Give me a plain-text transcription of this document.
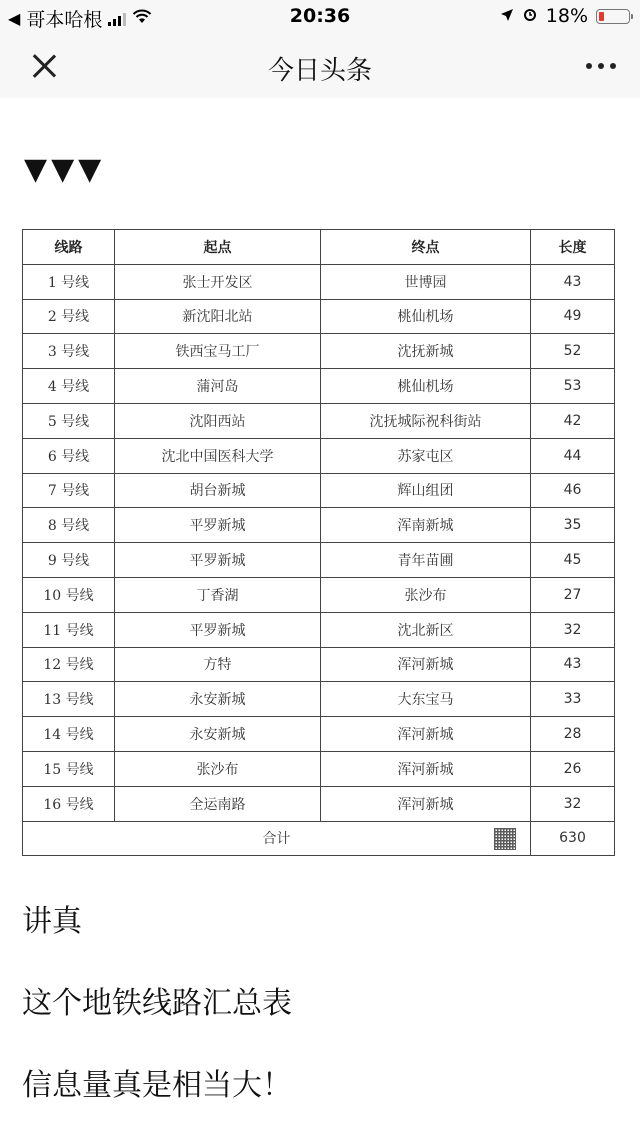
◀ 哥本哈根	20:36	18%
今日头条

▼▼▼
线路	起点	终点	长度
1 号线	张士开发区	世博园	43
2 号线	新沈阳北站	桃仙机场	49
3 号线	铁西宝马工厂	沈抚新城	52
4 号线	蒲河岛	桃仙机场	53
5 号线	沈阳西站	沈抚城际祝科街站	42
6 号线	沈北中国医科大学	苏家屯区	44
7 号线	胡台新城	辉山组团	46
8 号线	平罗新城	浑南新城	35
9 号线	平罗新城	青年苗圃	45
10 号线	丁香湖	张沙布	27
11 号线	平罗新城	沈北新区	32
12 号线	方特	浑河新城	43
13 号线	永安新城	大东宝马	33
14 号线	永安新城	浑河新城	28
15 号线	张沙布	浑河新城	26
16 号线	全运南路	浑河新城	32
合计			630
讲真
这个地铁线路汇总表
信息量真是相当大！
